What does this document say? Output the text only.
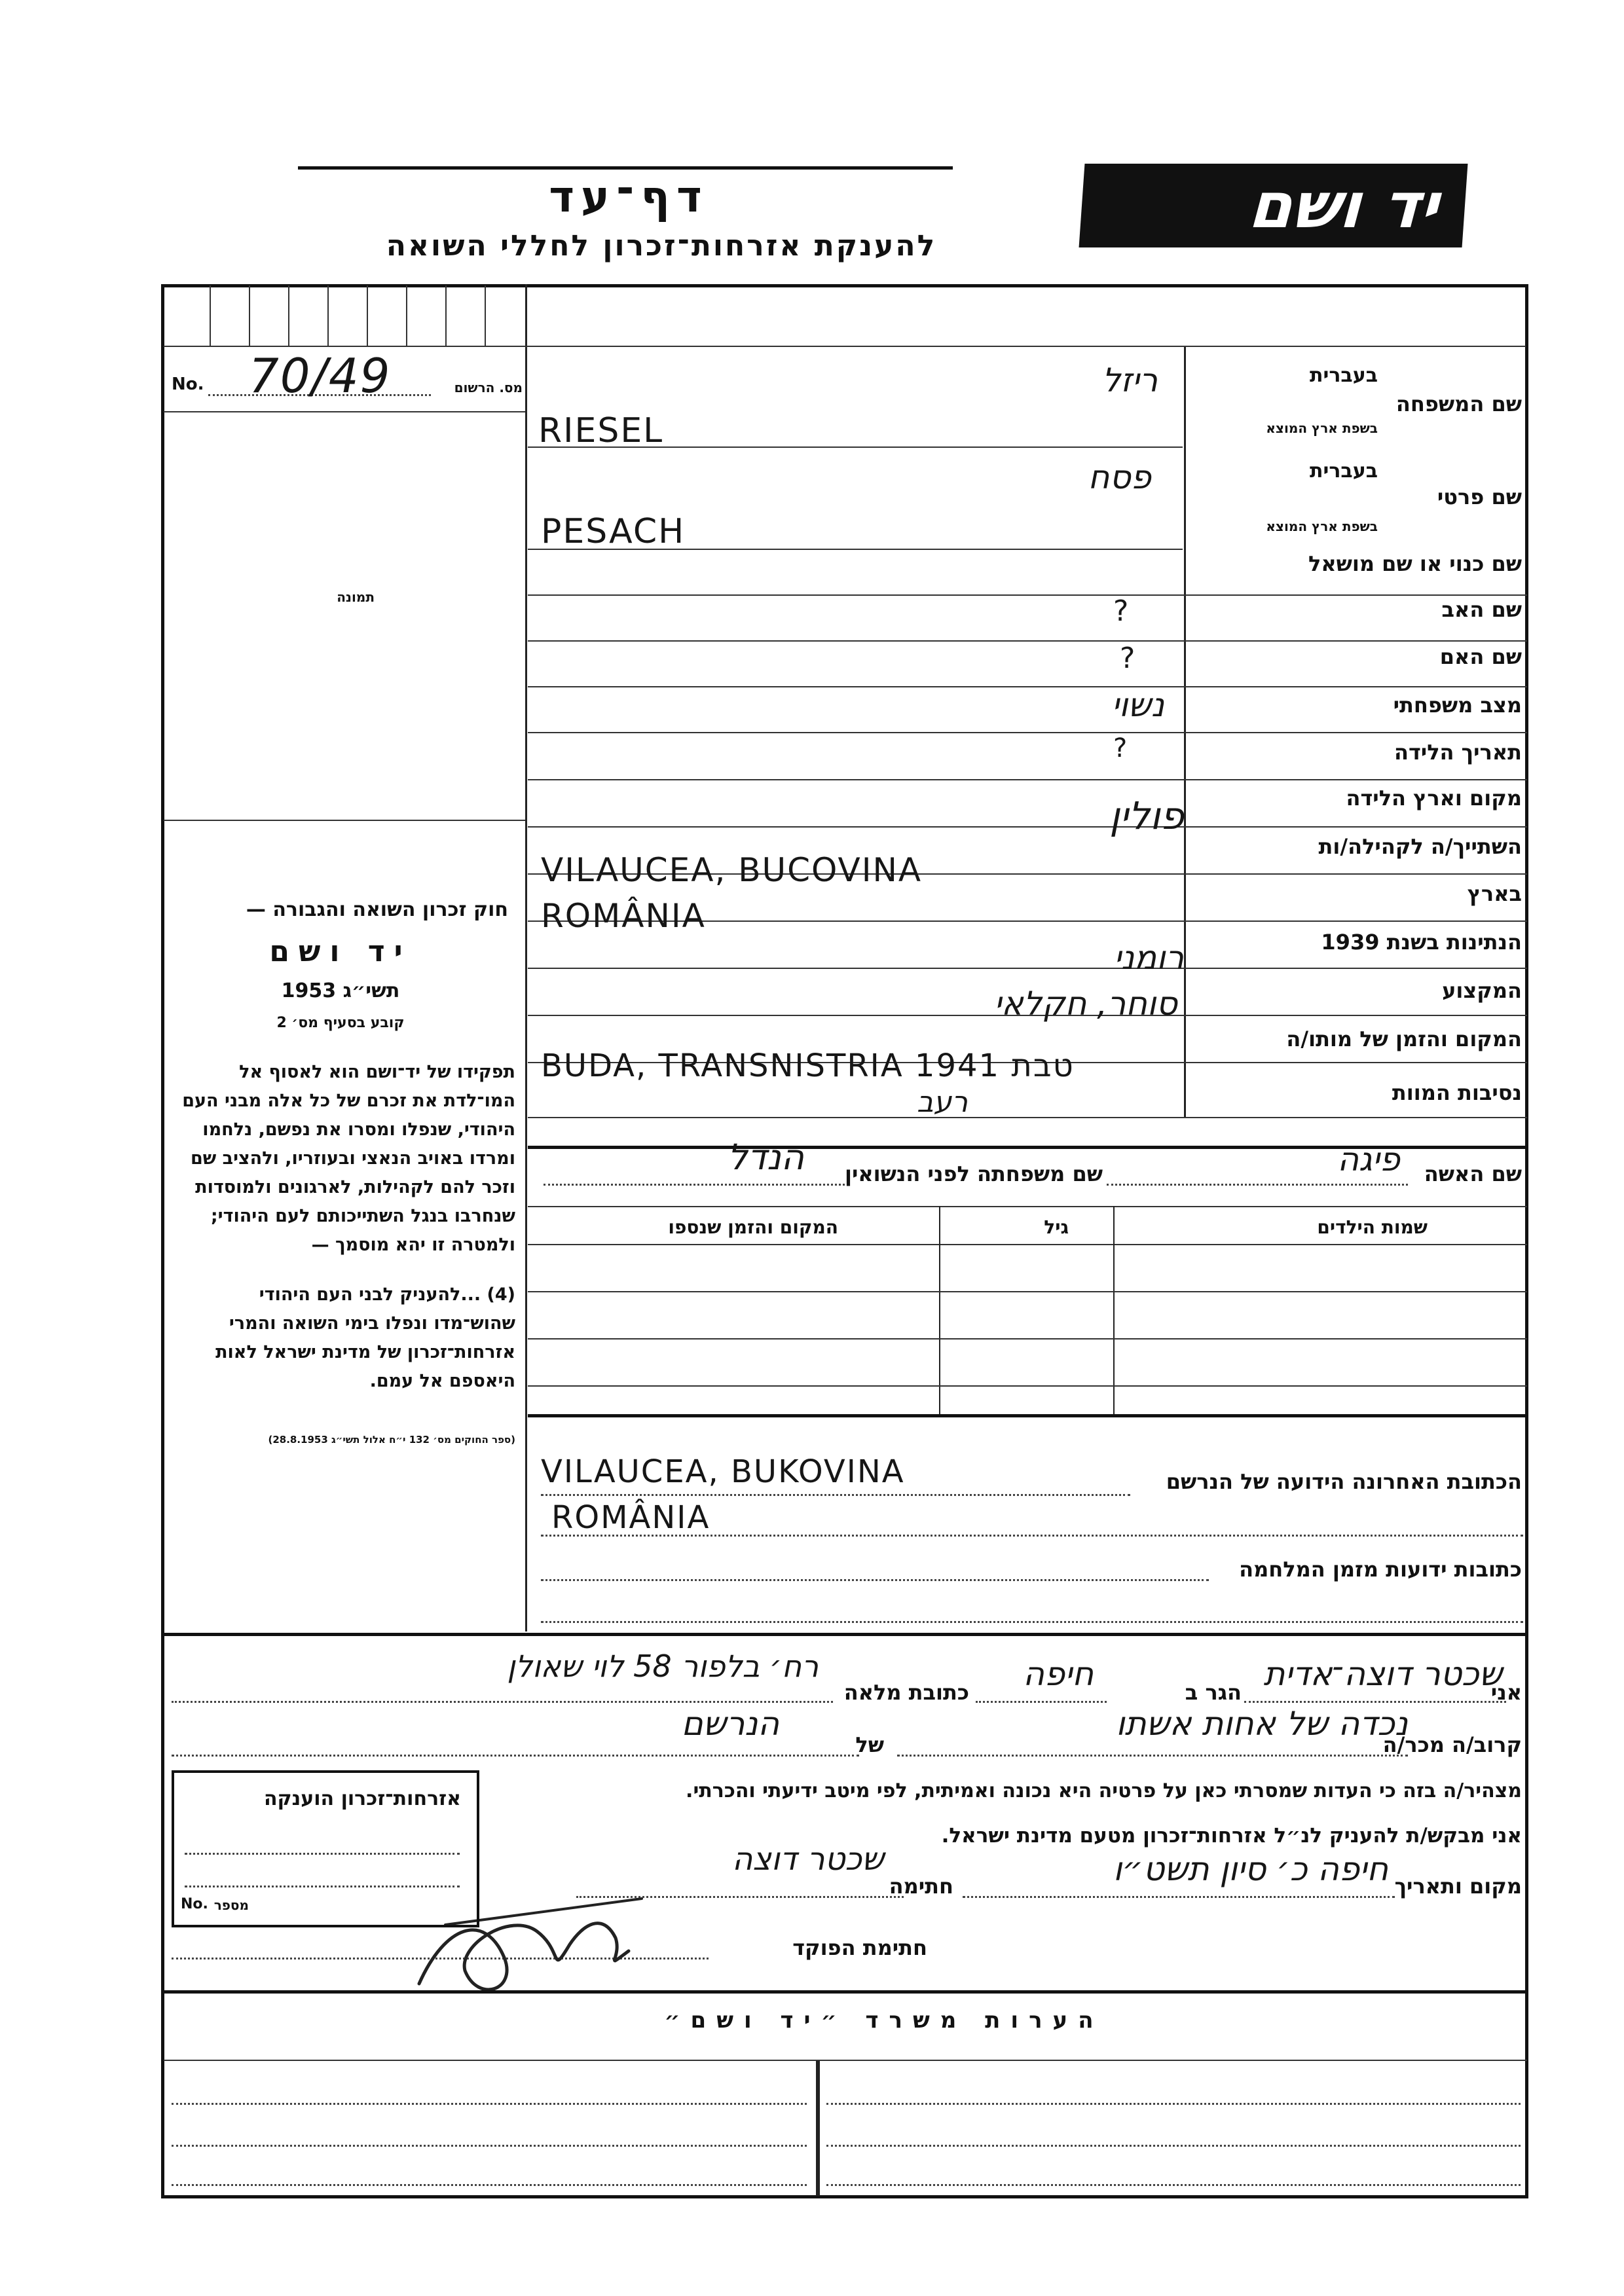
יד ושם
דף־עד
להענקת אזרחות־זכרון לחללי השואה
No. 70/49	מס. הרשום
תמונה
חוק זכרון השואה והגבורה —
יד ושם
תשי״ג 1953
קובע בסעיף מס׳ 2
תפקידו של יד־ושם הוא לאסוף אל המו־לדת את זכרם של כל אלה מבני העם היהודי, שנפלו ומסרו את נפשם, נלחמו ומרדו באויב הנאצי ובעוזריו, ולהציב שם וזכר להם לקהילות, לארגונים ולמוסדות שנחרבו בנגל השתייכותם לעם היהודי; ולמטרה זו יהא מוסמך —
(4) ...להעניק לבני העם היהודי שהוש־מדו ונפלו בימי השואה והמרי אזרחות־זכרון של מדינת ישראל לאות היאספם אל עמם.
(ספר החוקים מס׳ 132 י״ח אלול תשי״ג 28.8.1953)
שם המשפחה
בעברית
בשפת ארץ המוצא
ריזל
RIESEL
שם פרטי
בעברית
בשפת ארץ המוצא
פסח
PESACH
שם כנוי או שם מושאל
שם האב
?
שם האם
?
מצב משפחתי
נשוי
תאריך הלידה
?
מקום וארץ הלידה
פולין
השתייך/ה לקהילה/ות
VILAUCEA, BUCOVINA
בארץ
ROMÂNIA
הנתינות בשנת 1939
רומני
המקצוע
סוחר, חקלאי
המקום והזמן של מותו/ה
BUDA, TRANSNISTRIA 1941 טבת
נסיבות המוות
רעב
שם האשה
פיגה
שם משפחתה לפני הנשואין
הנדל
שמות הילדים
גיל
המקום והזמן שנספו
הכתובת האחרונה הידועה של הנרשם
VILAUCEA, BUKOVINA
ROMÂNIA
כתובות ידועות מזמן המלחמה
אני
שכטר דוצה־אדית
הגר ב
חיפה
כתובת מלאה
רח׳ בלפור 58 לוי שאולן
קרוב/ה מכר/ה
נכדה של אחות אשתו
של
הנרשם
מצהיר/ה בזה כי העדות שמסרתי כאן על פרטיה היא נכונה ואמיתית, לפי מיטב ידיעתי והכרתי.
אני מבקש/ת להעניק לנ״ל אזרחות־זכרון מטעם מדינת ישראל.
מקום ותאריך
חיפה כ׳ סיון תשט״ו
חתימה
שכטר דוצה
חתימת הפוקד
אזרחות־זכרון הוענקה
No. מספר
הערות משרד ״יד ושם״
